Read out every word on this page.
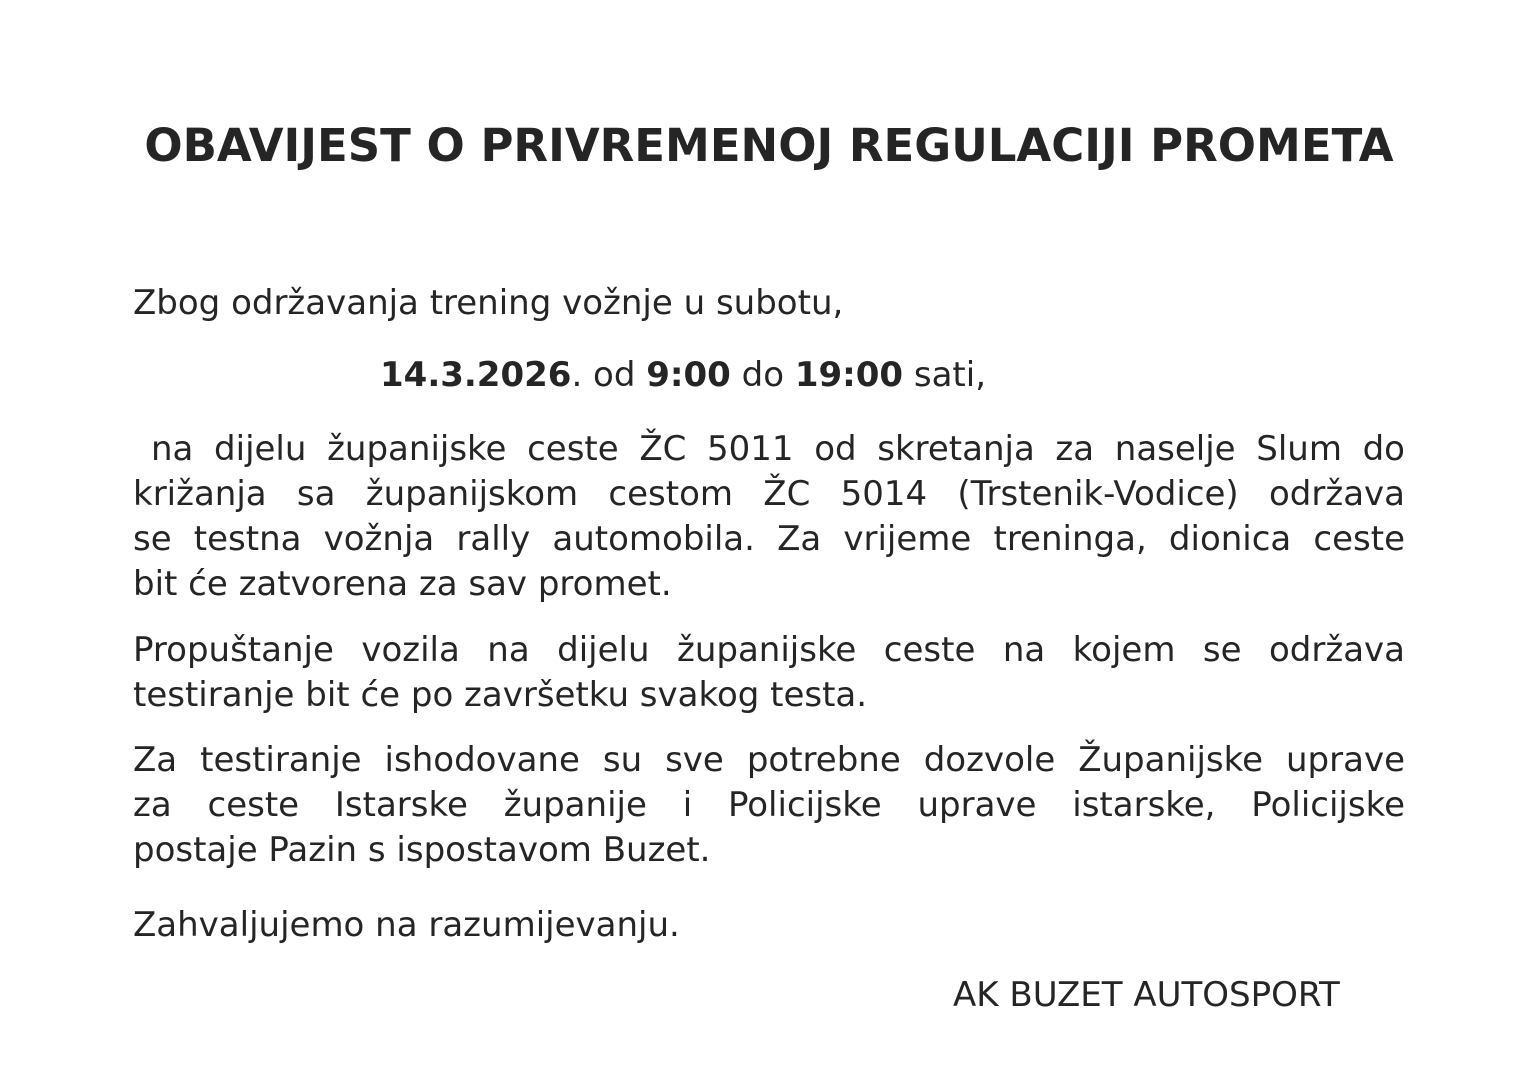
OBAVIJEST O PRIVREMENOJ REGULACIJI PROMETA
Zbog održavanja trening vožnje u subotu,
14.3.2026. od 9:00 do 19:00 sati,
na dijelu županijske ceste ŽC 5011 od skretanja za naselje Slum do
križanja sa županijskom cestom ŽC 5014 (Trstenik-Vodice) održava
se testna vožnja rally automobila. Za vrijeme treninga, dionica ceste
bit će zatvorena za sav promet.
Propuštanje vozila na dijelu županijske ceste na kojem se održava
testiranje bit će po završetku svakog testa.
Za testiranje ishodovane su sve potrebne dozvole Županijske uprave
za ceste Istarske županije i Policijske uprave istarske, Policijske
postaje Pazin s ispostavom Buzet.
Zahvaljujemo na razumijevanju.
AK BUZET AUTOSPORT
